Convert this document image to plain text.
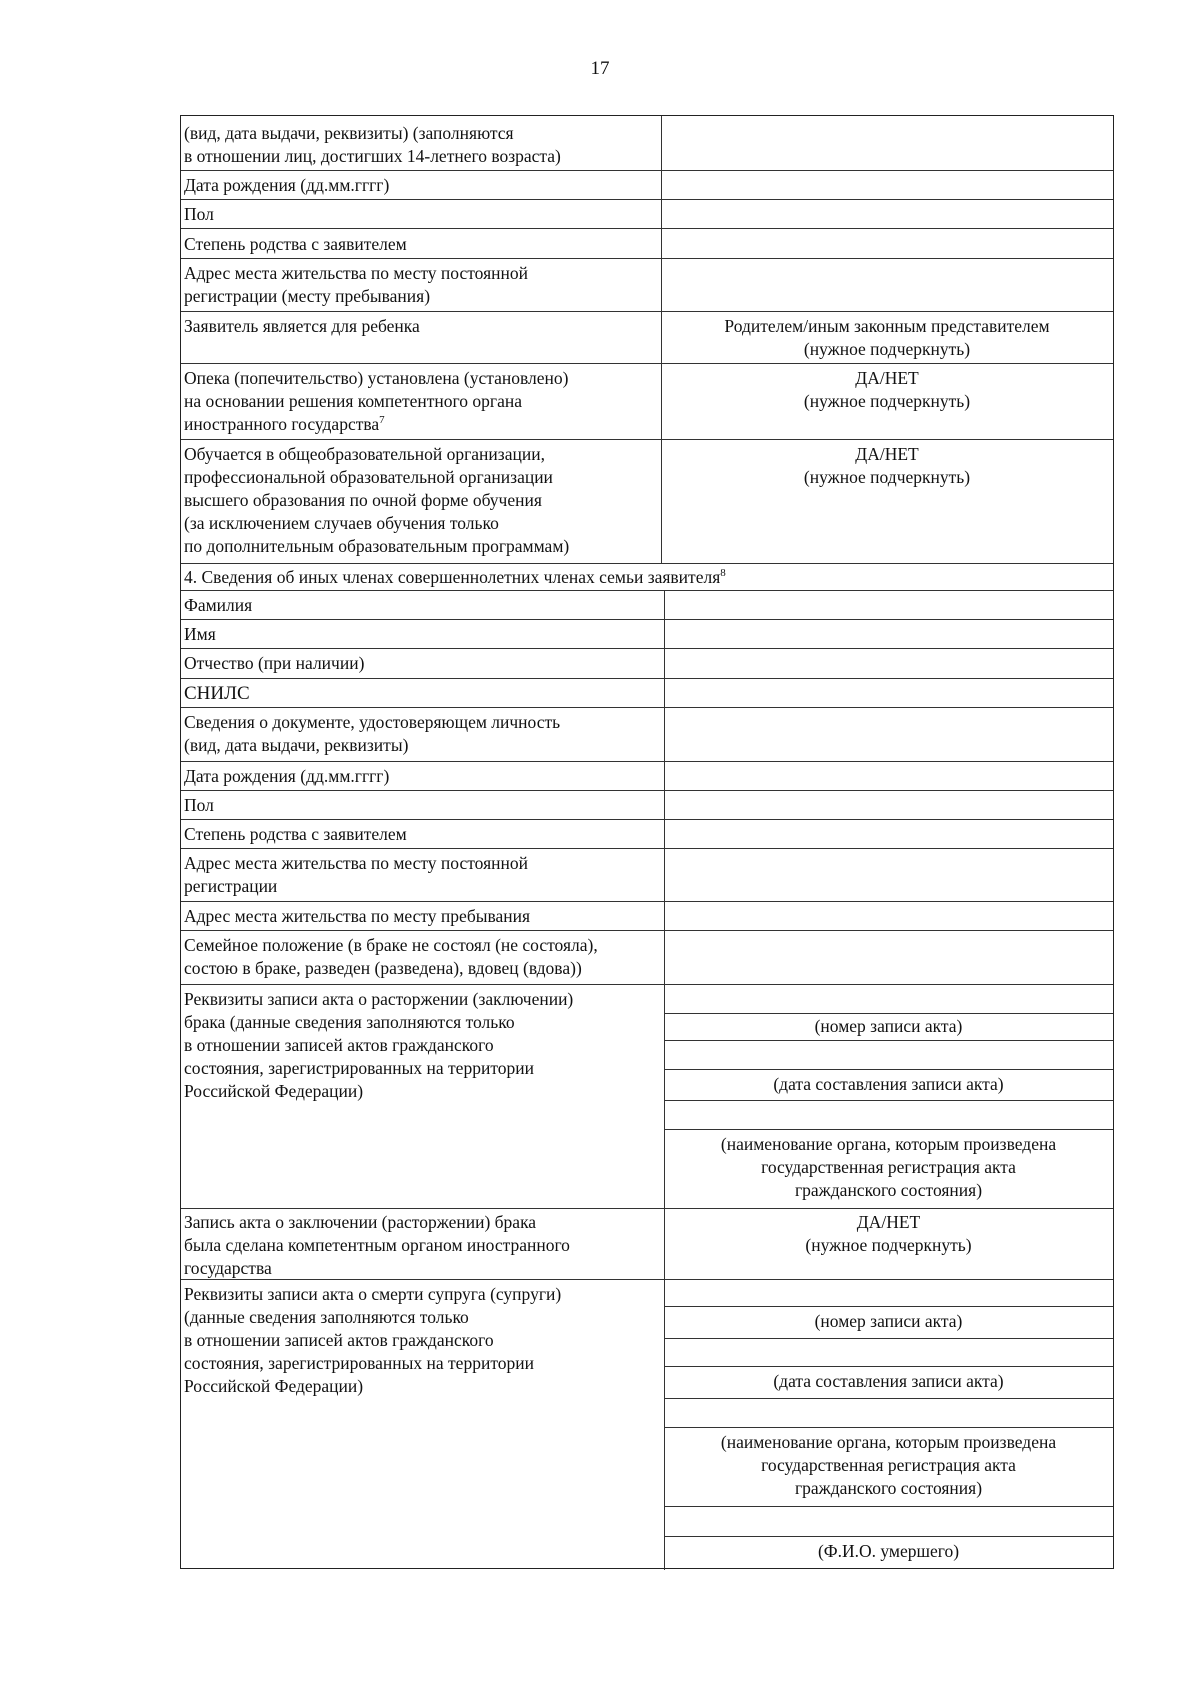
17
(вид, дата выдачи, реквизиты) (заполняются
в отношении лиц, достигших 14-летнего возраста)
Дата рождения (дд.мм.гггг)
Пол
Степень родства с заявителем
Адрес места жительства по месту постоянной
регистрации (месту пребывания)
Заявитель является для ребенка	Родителем/иным законным представителем
(нужное подчеркнуть)
Опека (попечительство) установлена (установлено)
на основании решения компетентного органа
иностранного государства$^7$
ДА/НЕТ
(нужное подчеркнуть)
Обучается в общеобразовательной организации,
профессиональной образовательной организации
высшего образования по очной форме обучения
(за исключением случаев обучения только
по дополнительным образовательным программам)
ДА/НЕТ
(нужное подчеркнуть)
4. Сведения об иных членах совершеннолетних членах семьи заявителя$^8$
Фамилия
Имя
Отчество (при наличии)
СНИЛС
Сведения о документе, удостоверяющем личность
(вид, дата выдачи, реквизиты)
Дата рождения (дд.мм.гггг)
Пол
Степень родства с заявителем
Адрес места жительства по месту постоянной
регистрации
Адрес места жительства по месту пребывания
Семейное положение (в браке не состоял (не состояла),
состою в браке, разведен (разведена), вдовец (вдова))
Реквизиты записи акта о расторжении (заключении)
брака (данные сведения заполняются только
в отношении записей актов гражданского
состояния, зарегистрированных на территории
Российской Федерации)
(номер записи акта)
(дата составления записи акта)
(наименование органа, которым произведена
государственная регистрация акта
гражданского состояния)
Запись акта о заключении (расторжении) брака
была сделана компетентным органом иностранного
государства
ДА/НЕТ
(нужное подчеркнуть)
Реквизиты записи акта о смерти супруга (супруги)
(данные сведения заполняются только
в отношении записей актов гражданского
состояния, зарегистрированных на территории
Российской Федерации)
(номер записи акта)
(дата составления записи акта)
(наименование органа, которым произведена
государственная регистрация акта
гражданского состояния)
(Ф.И.О. умершего)
